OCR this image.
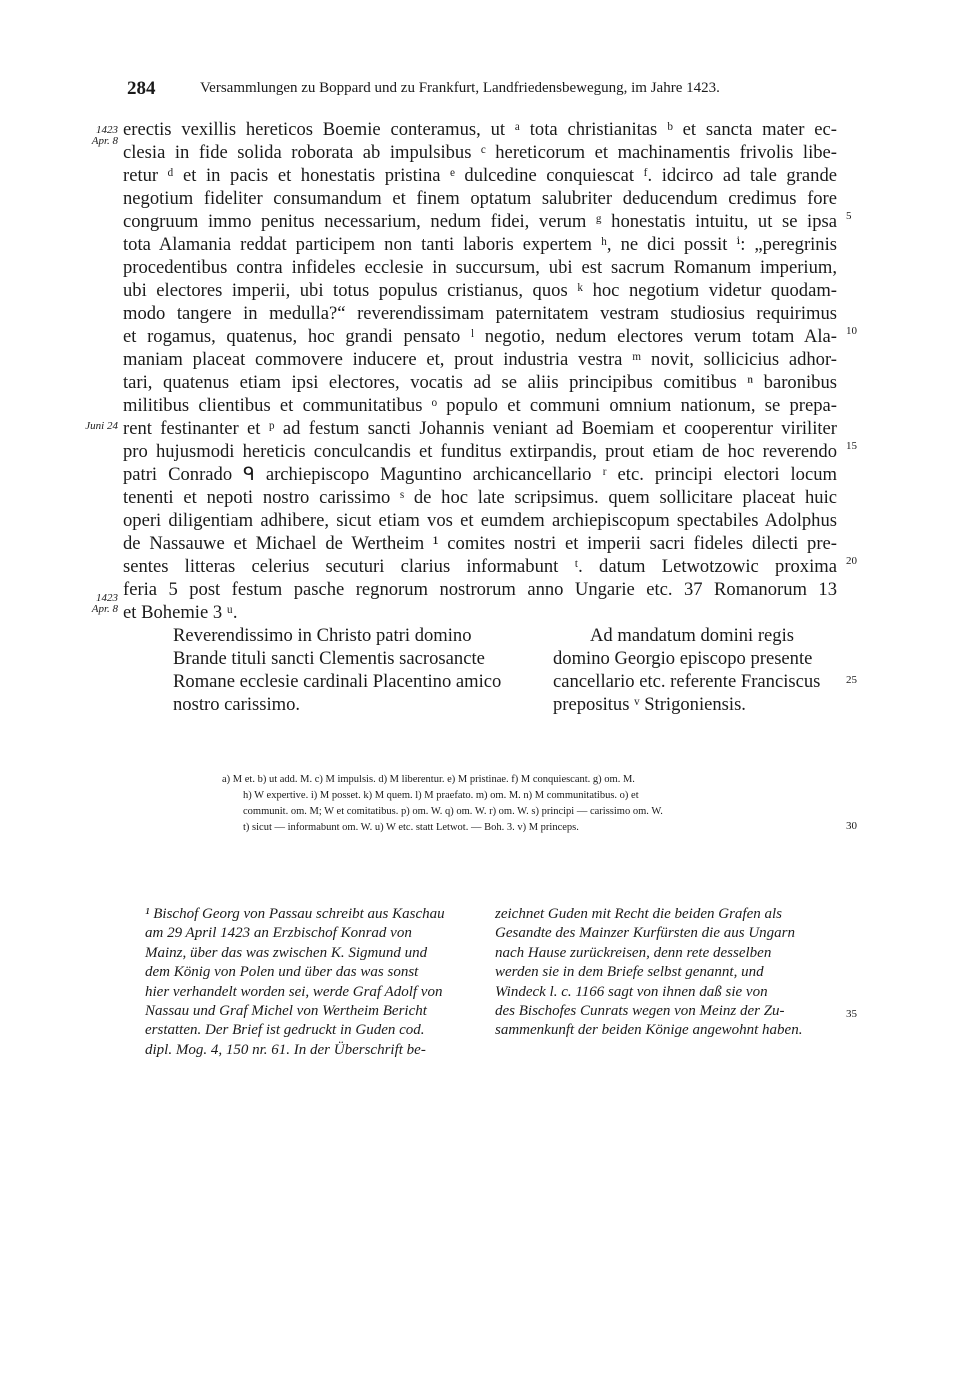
284	Versammlungen zu Boppard und zu Frankfurt, Landfriedensbewegung, im Jahre 1423.
1423
Apr. 8
Juni 24
1423
Apr. 8
5
10
15
20
25
30
35
erectis vexillis hereticos Boemie conteramus, ut ᵃ tota christianitas ᵇ et sancta mater ec-
clesia in fide solida roborata ab impulsibus ᶜ hereticorum et machinamentis frivolis libe-
retur ᵈ et in pacis et honestatis pristina ᵉ dulcedine conquiescat ᶠ. idcirco ad tale grande
negotium fideliter consumandum et finem optatum salubriter deducendum credimus fore
congruum immo penitus necessarium, nedum fidei, verum ᵍ honestatis intuitu, ut se ipsa
tota Alamania reddat participem non tanti laboris expertem ʰ, ne dici possit ⁱ: „peregrinis
procedentibus contra infideles ecclesie in succursum, ubi est sacrum Romanum imperium,
ubi electores imperii, ubi totus populus cristianus, quos ᵏ hoc negotium videtur quodam-
modo tangere in medulla?“ reverendissimam paternitatem vestram studiosius requirimus
et rogamus, quatenus, hoc grandi pensato ˡ negotio, nedum electores verum totam Ala-
maniam placeat commovere inducere et, prout industria vestra ᵐ novit, sollicicius adhor-
tari, quatenus etiam ipsi electores, vocatis ad se aliis principibus comitibus ⁿ baronibus
militibus clientibus et communitatibus ᵒ populo et communi omnium nationum, se prepa-
rent festinanter et ᵖ ad festum sancti Johannis veniant ad Boemiam et cooperentur viriliter
pro hujusmodi hereticis conculcandis et funditus extirpandis, prout etiam de hoc reverendo
patri Conrado ᑫ archiepiscopo Maguntino archicancellario ʳ etc. principi electori locum
tenenti et nepoti nostro carissimo ˢ de hoc late scripsimus. quem sollicitare placeat huic
operi diligentiam adhibere, sicut etiam vos et eumdem archiepiscopum spectabiles Adolphus
de Nassauwe et Michael de Wertheim ¹ comites nostri et imperii sacri fideles dilecti pre-
sentes litteras celerius secuturi clarius informabunt ᵗ. datum Letwotzowic proxima
feria 5 post festum pasche regnorum nostrorum anno Ungarie etc. 37 Romanorum 13
et Bohemie 3 ᵘ.
Reverendissimo in Christo patri domino
Brande tituli sancti Clementis sacrosancte
Romane ecclesie cardinali Placentino amico
nostro carissimo.
Ad mandatum domini regis
domino Georgio episcopo presente
cancellario etc. referente Franciscus
prepositus ᵛ Strigoniensis.
a) M et. b) ut add. M. c) M impulsis. d) M liberentur. e) M pristinae. f) M conquiescant. g) om. M.
h) W expertive. i) M posset. k) M quem. l) M praefato. m) om. M. n) M communitatibus. o) et
communit. om. M; W et comitatibus. p) om. W. q) om. W. r) om. W. s) principi — carissimo om. W.
t) sicut — informabunt om. W. u) W etc. statt Letwot. — Boh. 3. v) M princeps.
¹ Bischof Georg von Passau schreibt aus Kaschau
am 29 April 1423 an Erzbischof Konrad von
Mainz, über das was zwischen K. Sigmund und
dem König von Polen und über das was sonst
hier verhandelt worden sei, werde Graf Adolf von
Nassau und Graf Michel von Wertheim Bericht
erstatten. Der Brief ist gedruckt in Guden cod.
dipl. Mog. 4, 150 nr. 61. In der Überschrift be-
zeichnet Guden mit Recht die beiden Grafen als
Gesandte des Mainzer Kurfürsten die aus Ungarn
nach Hause zurückreisen, denn rete desselben
werden sie in dem Briefe selbst genannt, und
Windeck l. c. 1166 sagt von ihnen daß sie von
des Bischofes Cunrats wegen von Meinz der Zu-
sammenkunft der beiden Könige angewohnt haben.
